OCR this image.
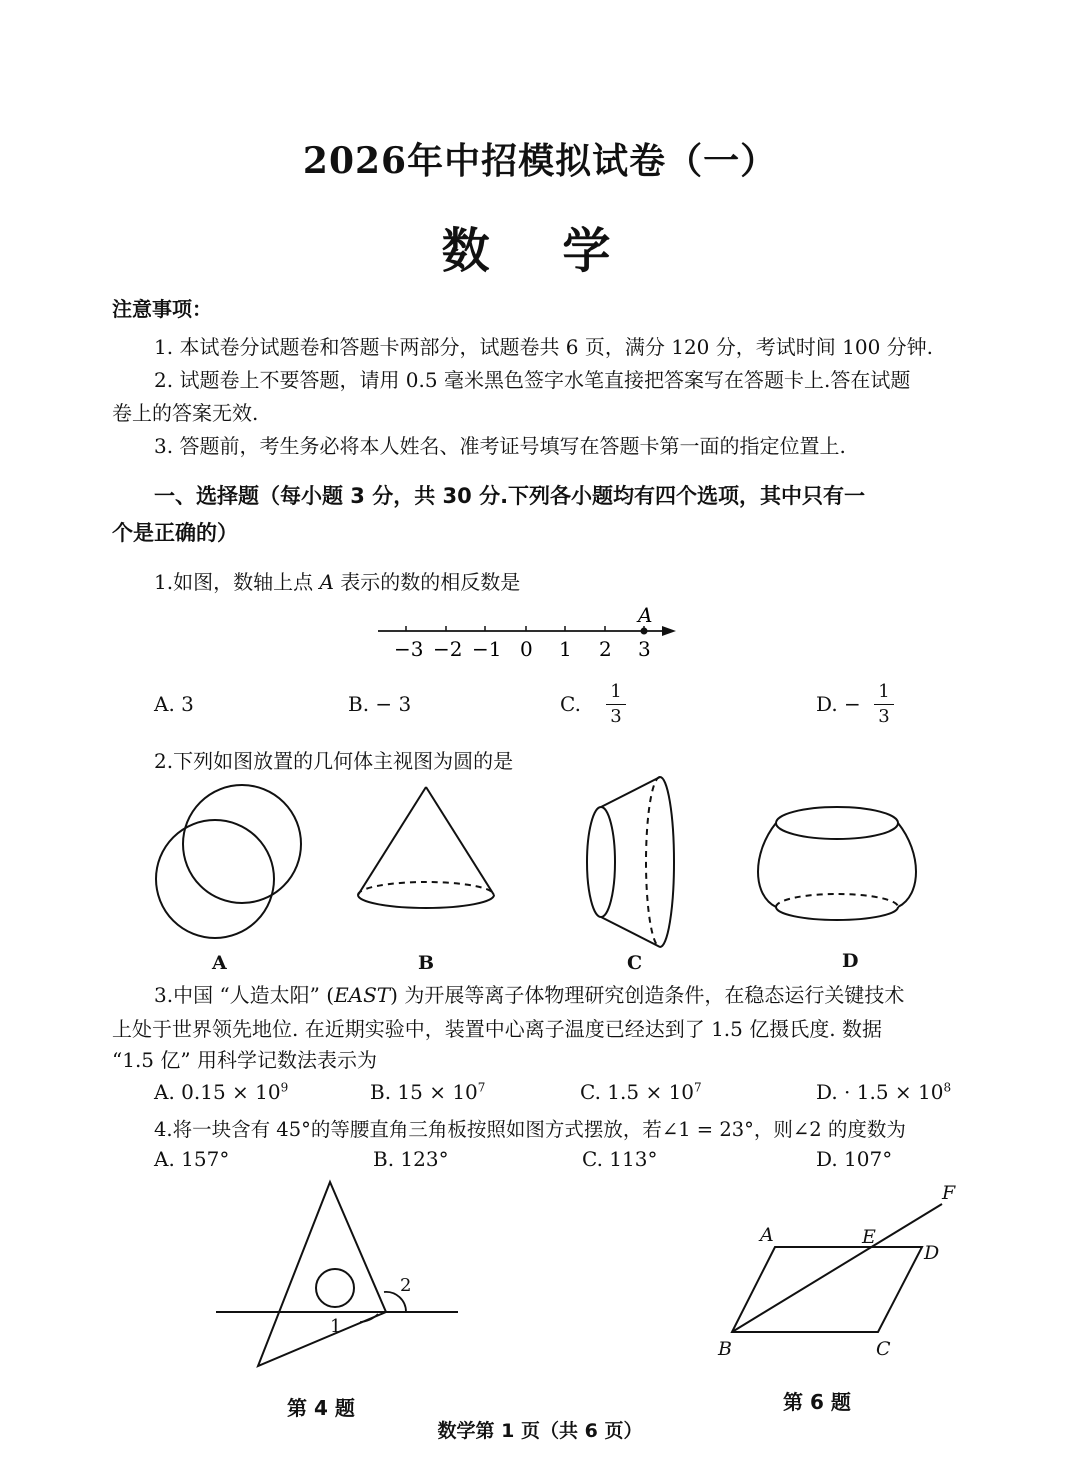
2026年中招模拟试卷（一）
数 学
注意事项：
1. 本试卷分试题卷和答题卡两部分，试题卷共 6 页，满分 120 分，考试时间 100 分钟.
2. 试题卷上不要答题，请用 0.5 毫米黑色签字水笔直接把答案写在答题卡上.答在试题
卷上的答案无效.
3. 答题前，考生务必将本人姓名、准考证号填写在答题卡第一面的指定位置上.
一、选择题（每小题 3 分，共 30 分.下列各小题均有四个选项，其中只有一
个是正确的）
1.如图，数轴上点 A 表示的数的相反数是
A
−3 −2 −1 0 1 2 3
A. 3	B. − 3	C.
1
3
D. −
1
3
2.下列如图放置的几何体主视图为圆的是
A	B	C	D
3.中国 “人造太阳” (EAST) 为开展等离子体物理研究创造条件，在稳态运行关键技术
上处于世界领先地位. 在近期实验中，装置中心离子温度已经达到了 1.5 亿摄氏度. 数据
“1.5 亿” 用科学记数法表示为
A. $0.15 \times 10^9$	B. $15 \times 10^7$	C. $1.5 \times 10^7$	D. · $1.5 \times 10^8$
4.将一块含有 45°的等腰直角三角板按照如图方式摆放，若∠1 = 23°，则∠2 的度数为
A. 157°	B. 123°	C. 113°	D. 107°
2
1
第 4 题
A	E
D
F
B	C
第 6 题
数学第 1 页（共 6 页）
